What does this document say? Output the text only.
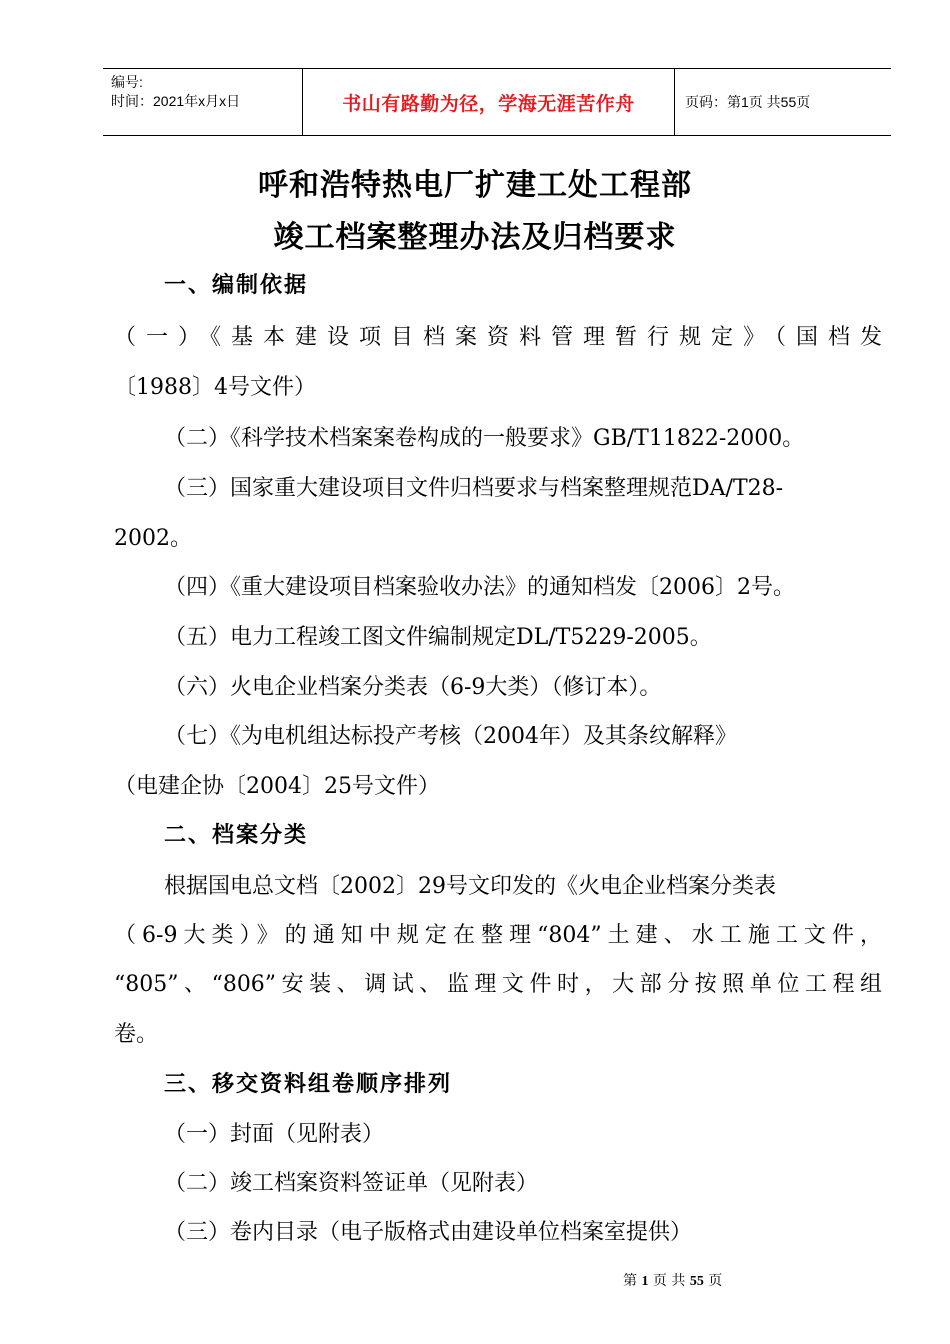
编号:
时间：2021年x月x日	书山有路勤为径，学海无涯苦作舟	页码：第1页 共55页
呼和浩特热电厂扩建工处工程部
竣工档案整理办法及归档要求
一、编制依据
（一）《基本建设项目档案资料管理暂行规定》（国档发
〔1988〕4号文件）
（二）《科学技术档案案卷构成的一般要求》GB/T11822-2000。
（三）国家重大建设项目文件归档要求与档案整理规范DA/T28-
2002。
（四）《重大建设项目档案验收办法》的通知档发〔2006〕2号。
（五）电力工程竣工图文件编制规定DL/T5229-2005。
（六）火电企业档案分类表（6-9大类）（修订本）。
（七）《为电机组达标投产考核（2004年）及其条纹解释》
（电建企协〔2004〕25号文件）
二、档案分类
根据国电总文档〔2002〕29号文印发的《火电企业档案分类表
（6-9大类）》的通知中规定在整理“804”土建、水工施工文件，
“805”、“806”安装、调试、监理文件时，大部分按照单位工程组
卷。
三、移交资料组卷顺序排列
（一）封面（见附表）
（二）竣工档案资料签证单（见附表）
（三）卷内目录（电子版格式由建设单位档案室提供）
第 1 页 共 55 页
